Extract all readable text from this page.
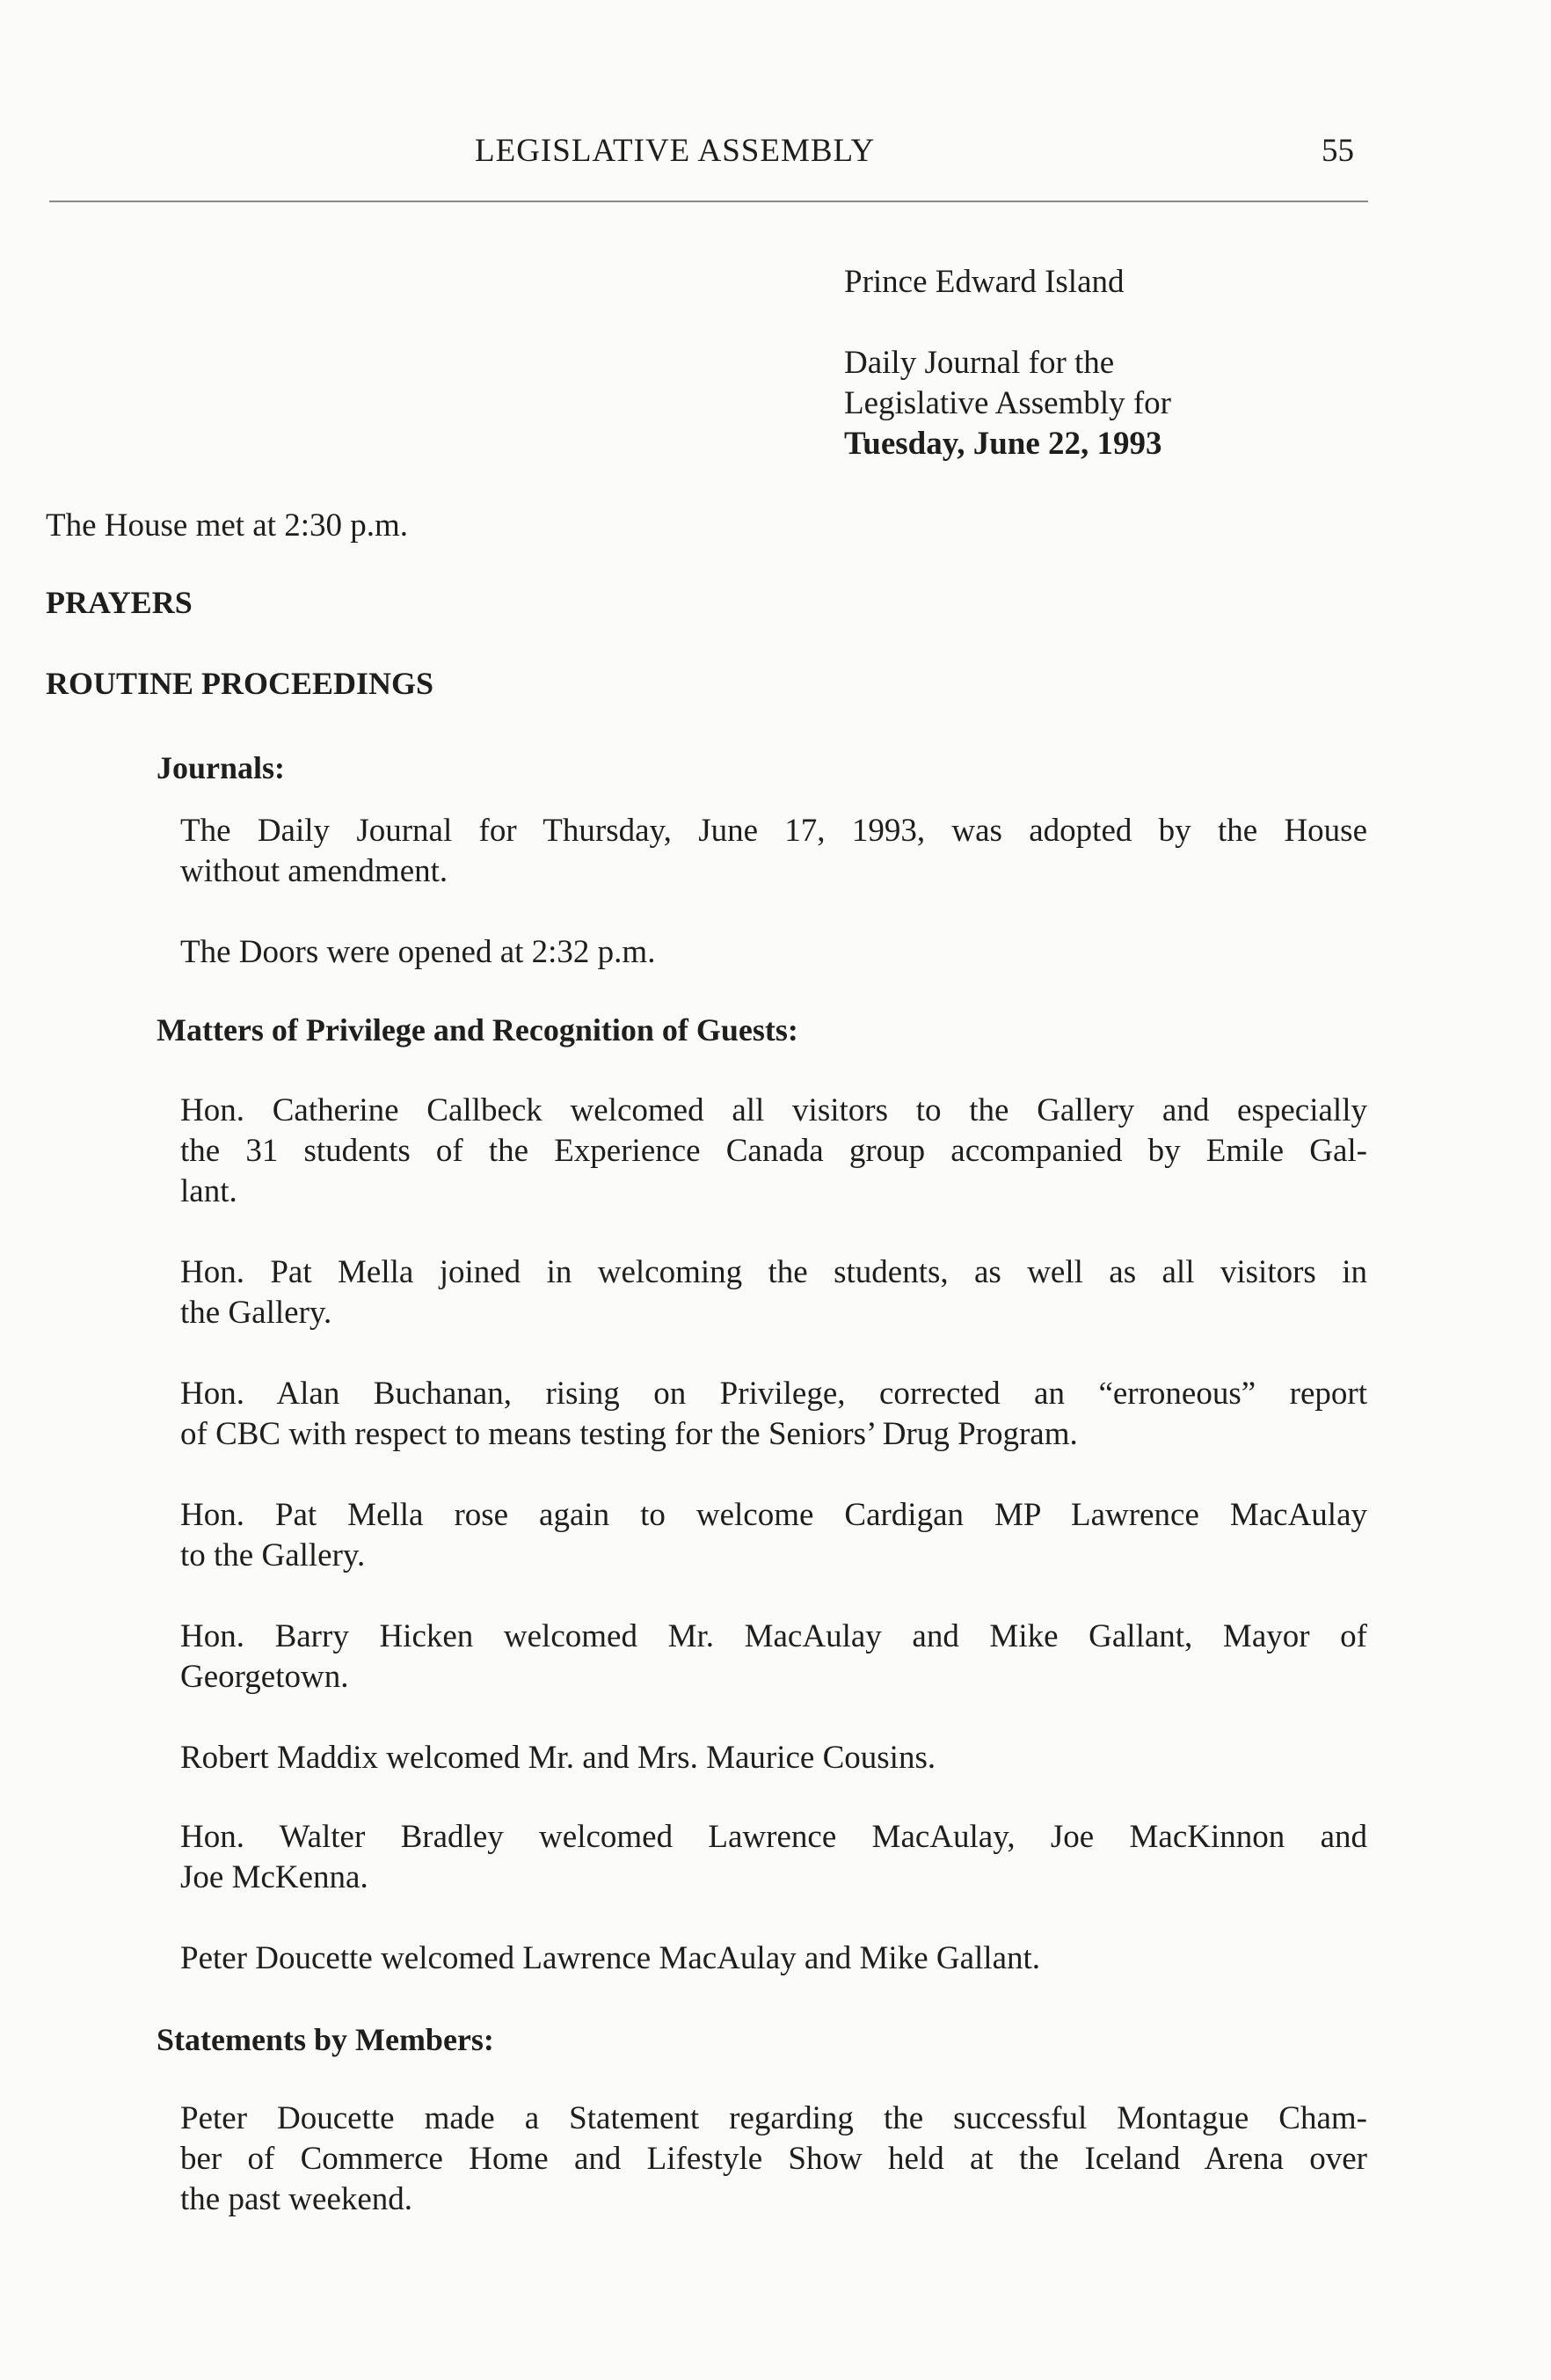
LEGISLATIVE ASSEMBLY	55
Prince Edward Island
Daily Journal for the
Legislative Assembly for
Tuesday, June 22, 1993
The House met at 2:30 p.m.
PRAYERS
ROUTINE PROCEEDINGS
Journals:
The Daily Journal for Thursday, June 17, 1993, was adopted by the House
without amendment.
The Doors were opened at 2:32 p.m.
Matters of Privilege and Recognition of Guests:
Hon. Catherine Callbeck welcomed all visitors to the Gallery and especially
the 31 students of the Experience Canada group accompanied by Emile Gal-
lant.
Hon. Pat Mella joined in welcoming the students, as well as all visitors in
the Gallery.
Hon. Alan Buchanan, rising on Privilege, corrected an “erroneous” report
of CBC with respect to means testing for the Seniors’ Drug Program.
Hon. Pat Mella rose again to welcome Cardigan MP Lawrence MacAulay
to the Gallery.
Hon. Barry Hicken welcomed Mr. MacAulay and Mike Gallant, Mayor of
Georgetown.
Robert Maddix welcomed Mr. and Mrs. Maurice Cousins.
Hon. Walter Bradley welcomed Lawrence MacAulay, Joe MacKinnon and
Joe McKenna.
Peter Doucette welcomed Lawrence MacAulay and Mike Gallant.
Statements by Members:
Peter Doucette made a Statement regarding the successful Montague Cham-
ber of Commerce Home and Lifestyle Show held at the Iceland Arena over
the past weekend.
